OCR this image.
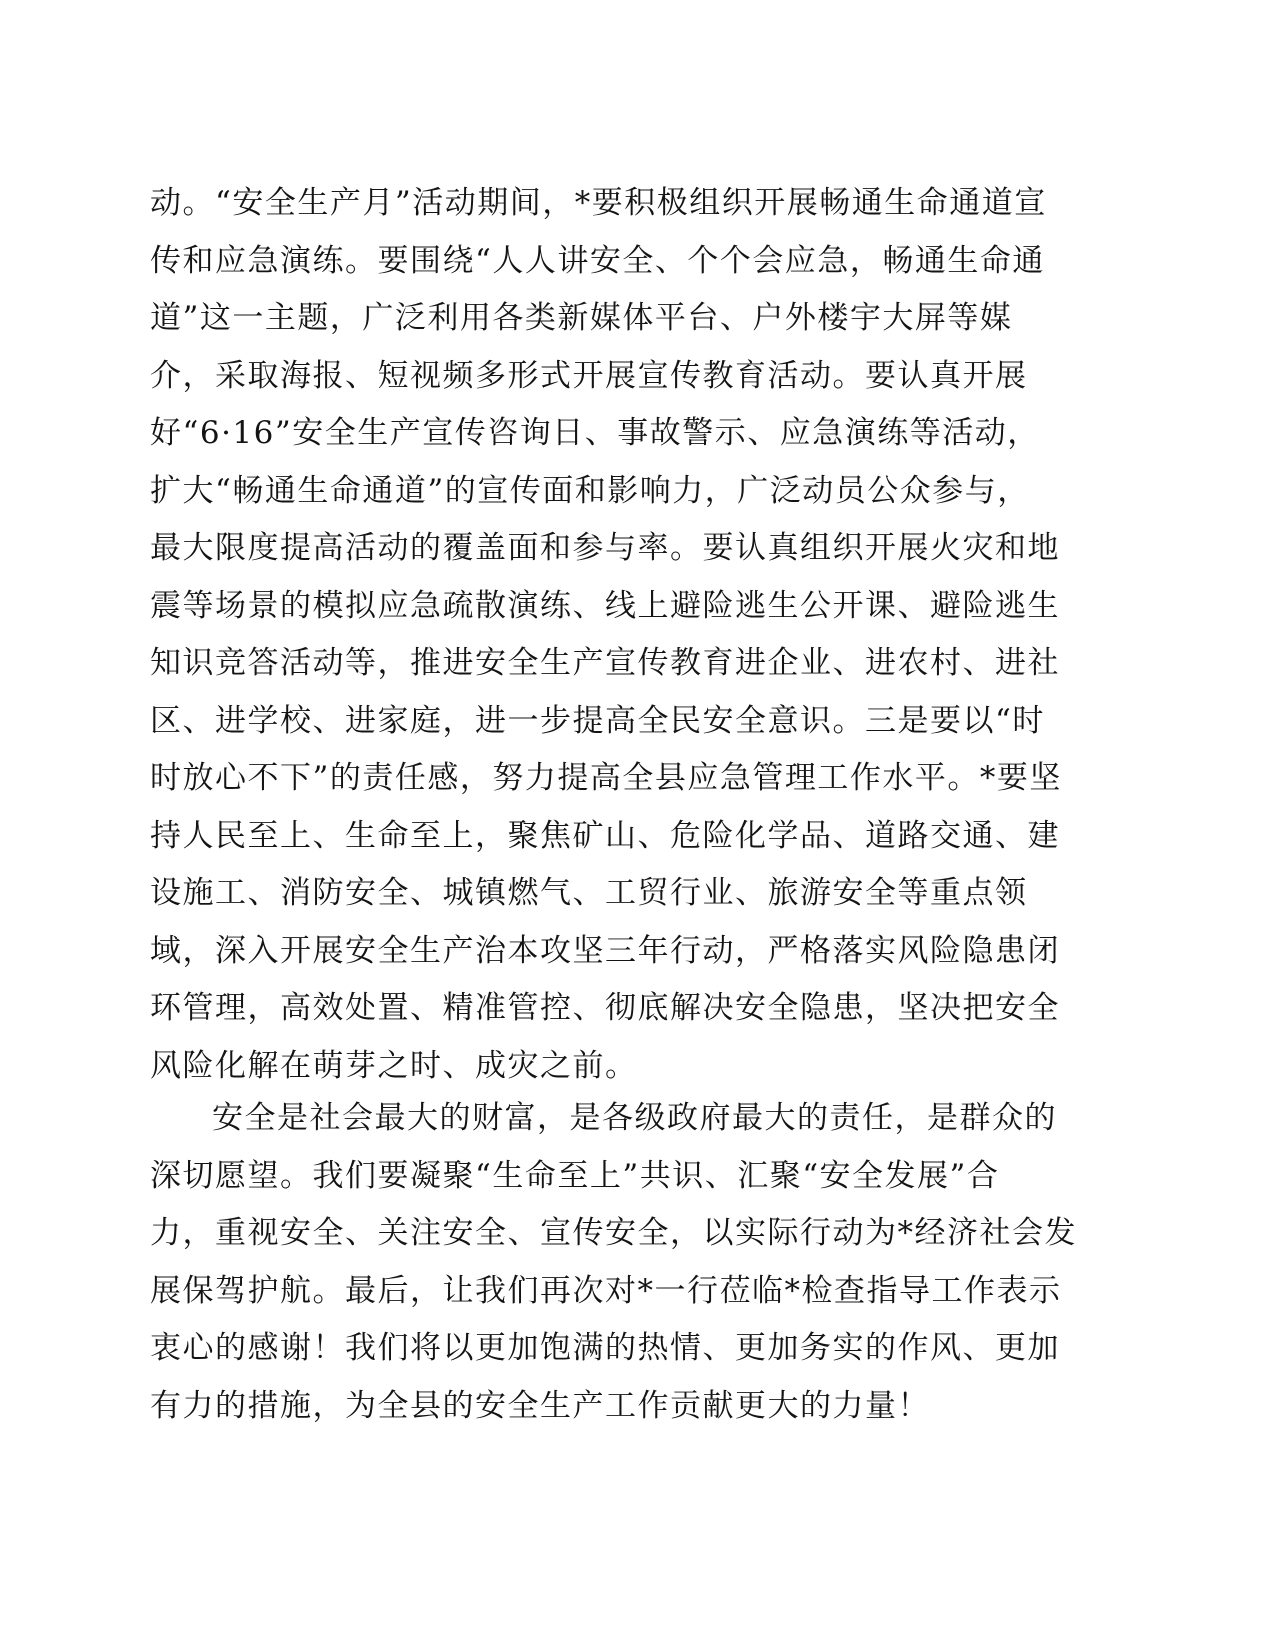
动。“安全生产月”活动期间，*要积极组织开展畅通生命通道宣
传和应急演练。要围绕“人人讲安全、个个会应急，畅通生命通
道”这一主题，广泛利用各类新媒体平台、户外楼宇大屏等媒
介，采取海报、短视频多形式开展宣传教育活动。要认真开展
好“6·16”安全生产宣传咨询日、事故警示、应急演练等活动，
扩大“畅通生命通道”的宣传面和影响力，广泛动员公众参与，
最大限度提高活动的覆盖面和参与率。要认真组织开展火灾和地
震等场景的模拟应急疏散演练、线上避险逃生公开课、避险逃生
知识竞答活动等，推进安全生产宣传教育进企业、进农村、进社
区、进学校、进家庭，进一步提高全民安全意识。三是要以“时
时放心不下”的责任感，努力提高全县应急管理工作水平。*要坚
持人民至上、生命至上，聚焦矿山、危险化学品、道路交通、建
设施工、消防安全、城镇燃气、工贸行业、旅游安全等重点领
域，深入开展安全生产治本攻坚三年行动，严格落实风险隐患闭
环管理，高效处置、精准管控、彻底解决安全隐患，坚决把安全
风险化解在萌芽之时、成灾之前。
安全是社会最大的财富，是各级政府最大的责任，是群众的
深切愿望。我们要凝聚“生命至上”共识、汇聚“安全发展”合
力，重视安全、关注安全、宣传安全，以实际行动为*经济社会发
展保驾护航。最后，让我们再次对*一行莅临*检查指导工作表示
衷心的感谢！我们将以更加饱满的热情、更加务实的作风、更加
有力的措施，为全县的安全生产工作贡献更大的力量！
